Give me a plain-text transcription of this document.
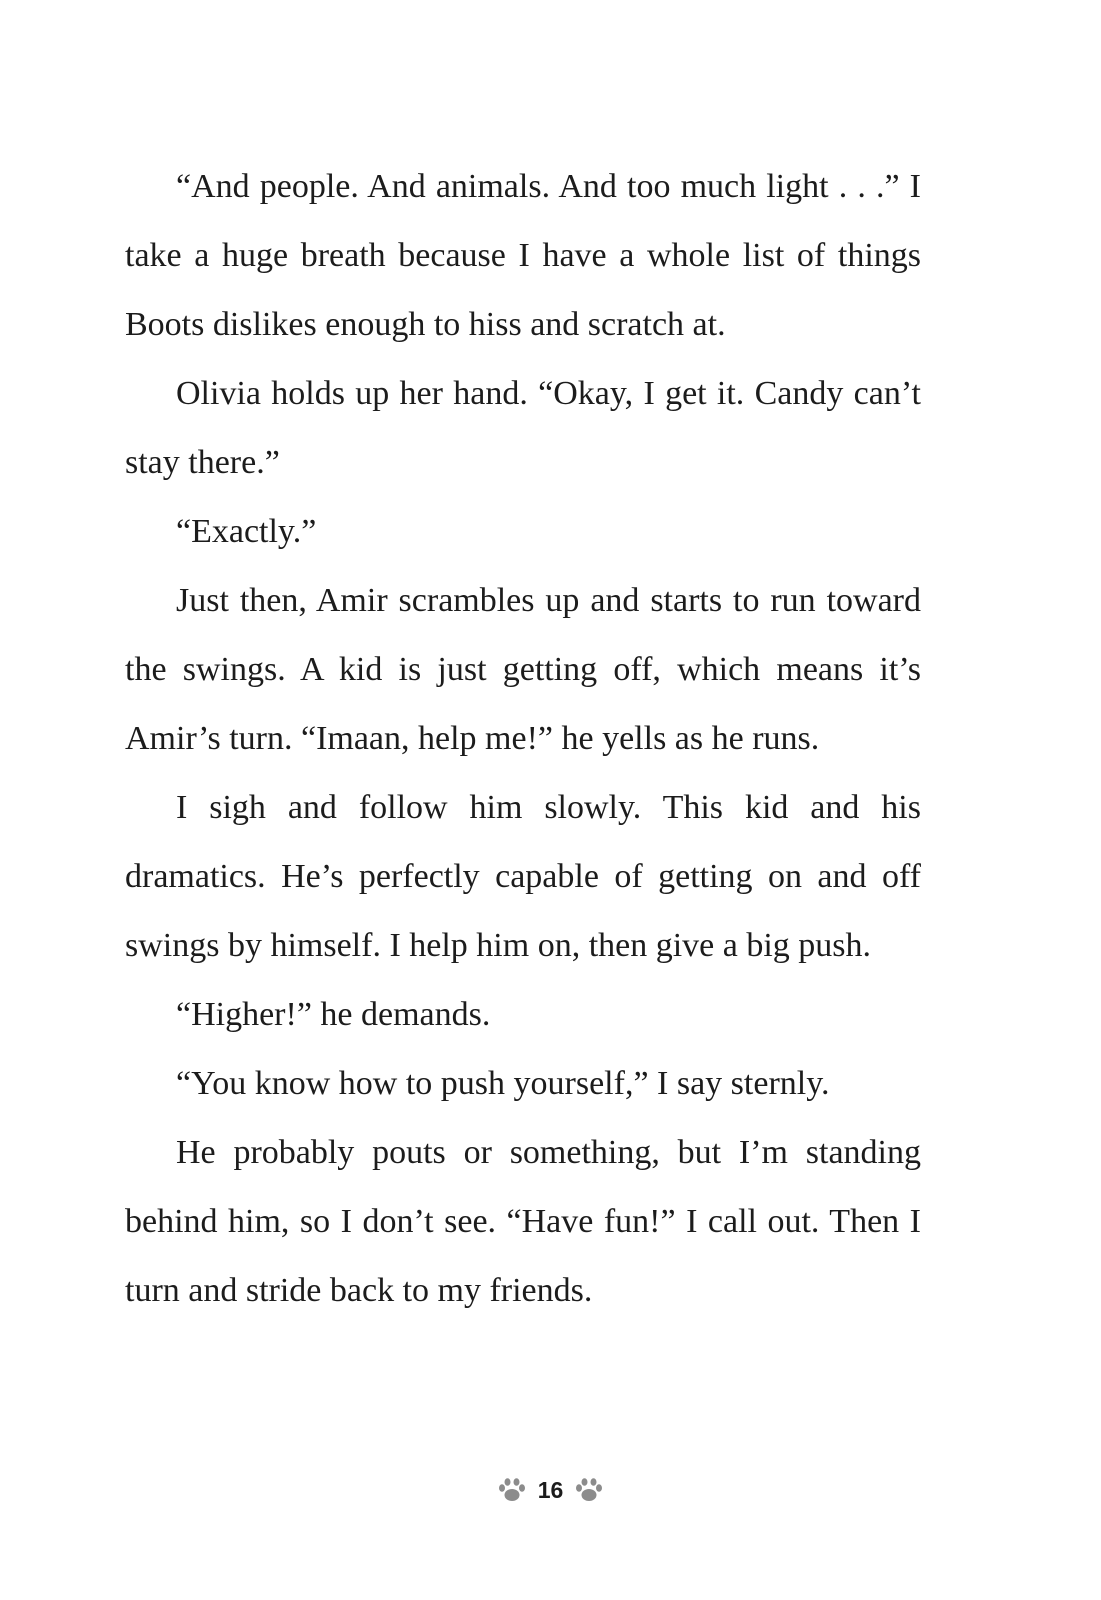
“And people. And animals. And too much light . . .” I take a huge breath because I have a whole list of things Boots dislikes enough to hiss and scratch at.

Olivia holds up her hand. “Okay, I get it. Candy can’t stay there.”

“Exactly.”

Just then, Amir scrambles up and starts to run toward the swings. A kid is just getting off, which means it’s Amir’s turn. “Imaan, help me!” he yells as he runs.

I sigh and follow him slowly. This kid and his dramatics. He’s perfectly capable of getting on and off swings by himself. I help him on, then give a big push.

“Higher!” he demands.

“You know how to push yourself,” I say sternly.

He probably pouts or something, but I’m standing behind him, so I don’t see. “Have fun!” I call out. Then I turn and stride back to my friends.

16
